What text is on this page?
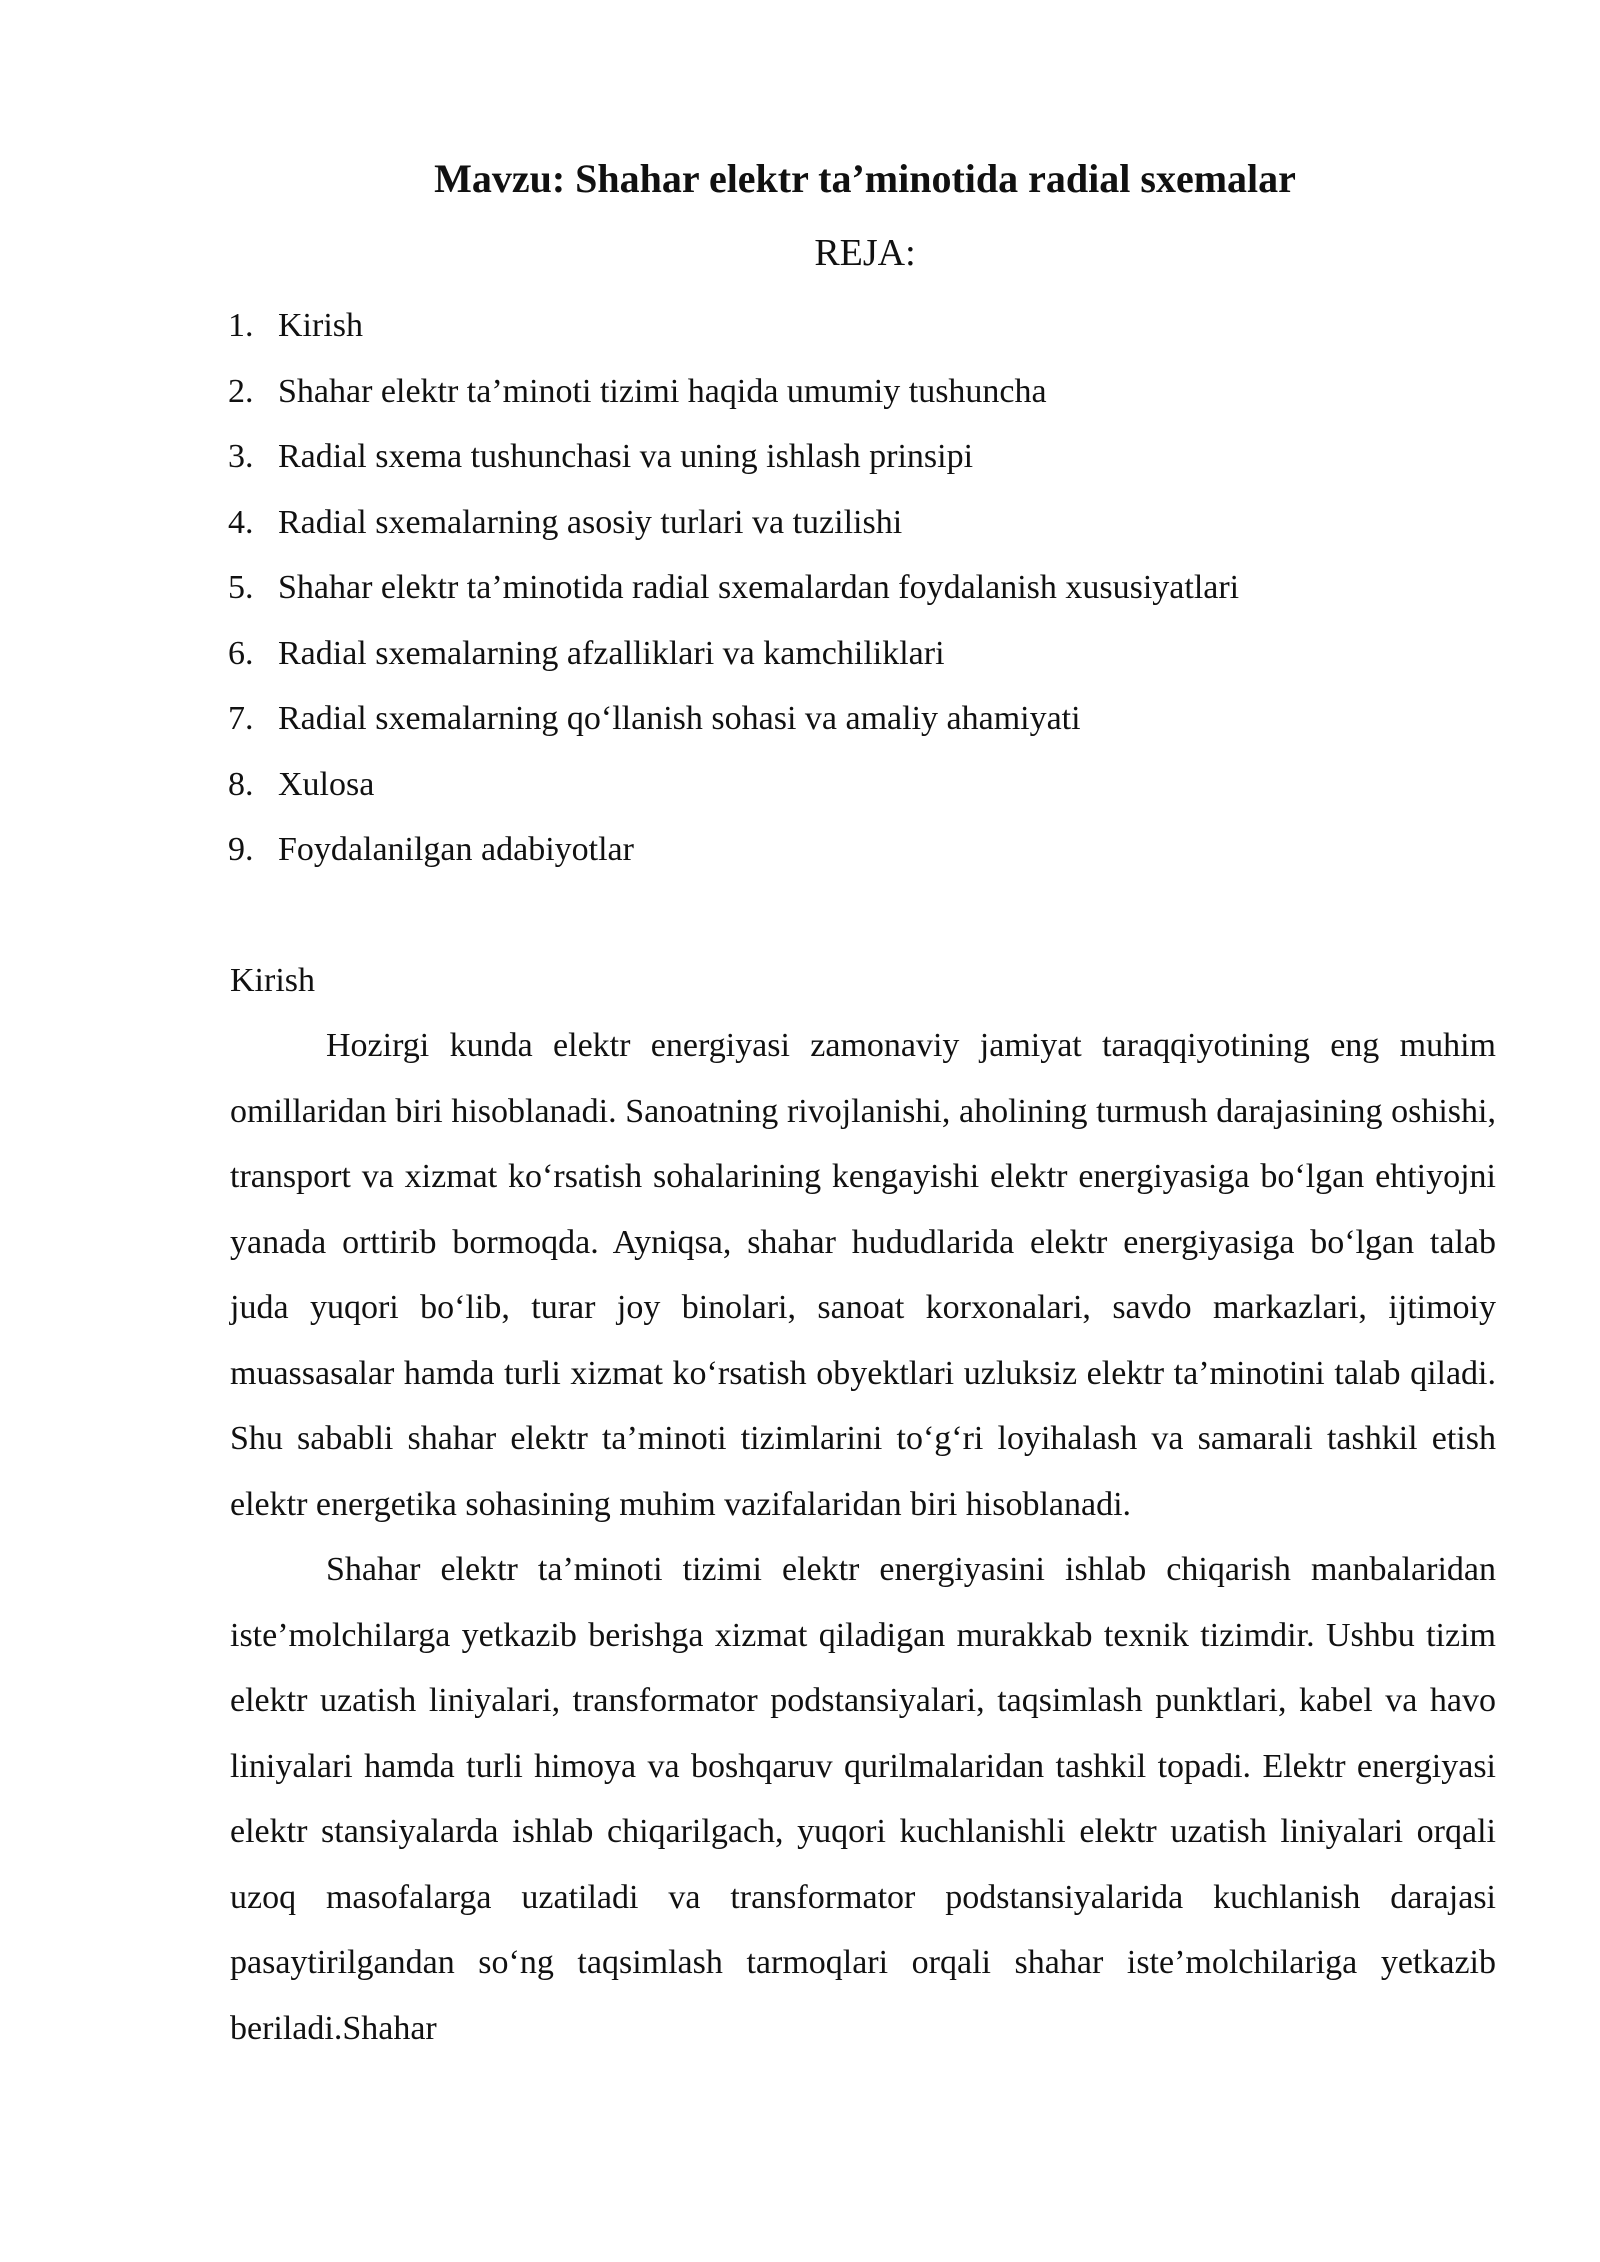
Mavzu: Shahar elektr ta’minotida radial sxemalar
REJA:
1. Kirish
2. Shahar elektr ta’minoti tizimi haqida umumiy tushuncha
3. Radial sxema tushunchasi va uning ishlash prinsipi
4. Radial sxemalarning asosiy turlari va tuzilishi
5. Shahar elektr ta’minotida radial sxemalardan foydalanish xususiyatlari
6. Radial sxemalarning afzalliklari va kamchiliklari
7. Radial sxemalarning qo‘llanish sohasi va amaliy ahamiyati
8. Xulosa
9. Foydalanilgan adabiyotlar
Kirish

Hozirgi kunda elektr energiyasi zamonaviy jamiyat taraqqiyotining eng muhim omillaridan biri hisoblanadi. Sanoatning rivojlanishi, aholining turmush darajasining oshishi, transport va xizmat ko‘rsatish sohalarining kengayishi elektr energiyasiga bo‘lgan ehtiyojni yanada orttirib bormoqda. Ayniqsa, shahar hududlarida elektr energiyasiga bo‘lgan talab juda yuqori bo‘lib, turar joy binolari, sanoat korxonalari, savdo markazlari, ijtimoiy muassasalar hamda turli xizmat ko‘rsatish obyektlari uzluksiz elektr ta’minotini talab qiladi. Shu sababli shahar elektr ta’minoti tizimlarini to‘g‘ri loyihalash va samarali tashkil etish elektr energetika sohasining muhim vazifalaridan biri hisoblanadi.

Shahar elektr ta’minoti tizimi elektr energiyasini ishlab chiqarish manbalaridan iste’molchilarga yetkazib berishga xizmat qiladigan murakkab texnik tizimdir. Ushbu tizim elektr uzatish liniyalari, transformator podstansiyalari, taqsimlash punktlari, kabel va havo liniyalari hamda turli himoya va boshqaruv qurilmalaridan tashkil topadi. Elektr energiyasi elektr stansiyalarda ishlab chiqarilgach, yuqori kuchlanishli elektr uzatish liniyalari orqali uzoq masofalarga uzatiladi va transformator podstansiyalarida kuchlanish darajasi pasaytirilgandan so‘ng taqsimlash tarmoqlari orqali shahar iste’molchilariga yetkazib beriladi.Shahar
